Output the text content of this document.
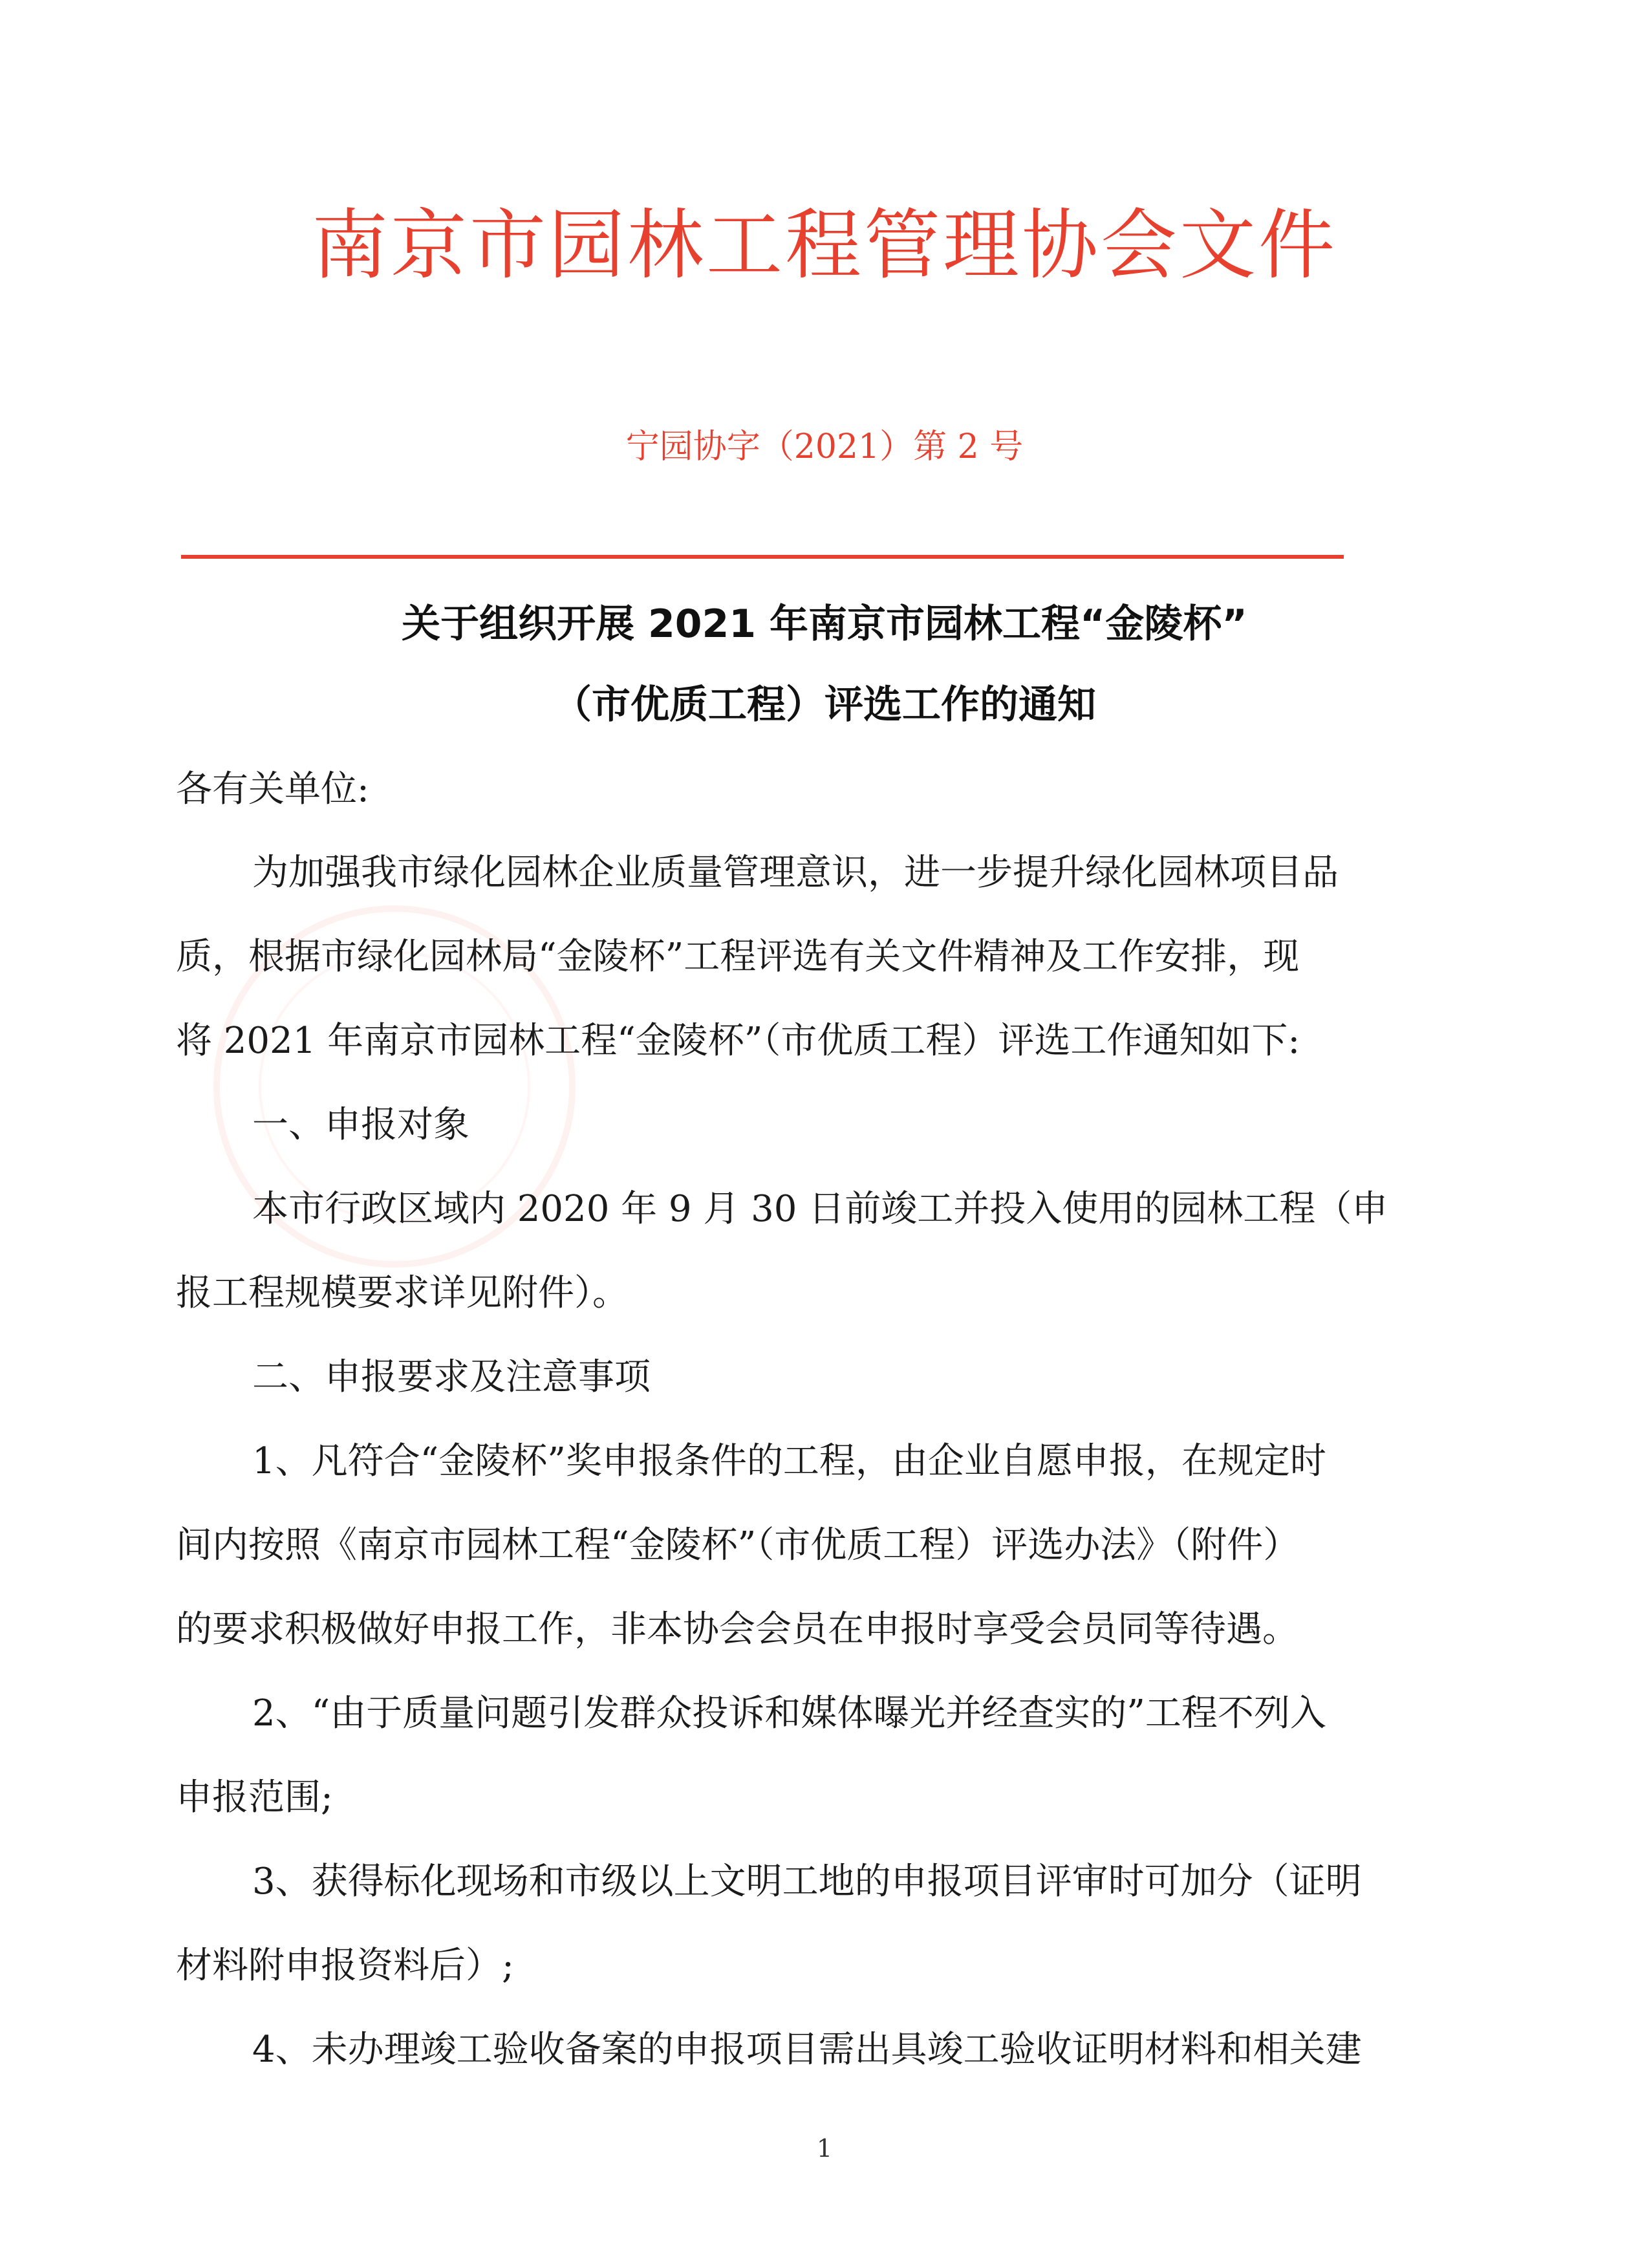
南京市园林工程管理协会文件
宁园协字（2021）第 2 号
关于组织开展 2021 年南京市园林工程“金陵杯”
（市优质工程）评选工作的通知
各有关单位:
为加强我市绿化园林企业质量管理意识，进一步提升绿化园林项目品
质，根据市绿化园林局“金陵杯”工程评选有关文件精神及工作安排，现
将 2021 年南京市园林工程“金陵杯”（市优质工程）评选工作通知如下:
一、申报对象
本市行政区域内 2020 年 9 月 30 日前竣工并投入使用的园林工程（申
报工程规模要求详见附件）。
二、申报要求及注意事项
1、凡符合“金陵杯”奖申报条件的工程，由企业自愿申报，在规定时
间内按照《南京市园林工程“金陵杯”（市优质工程）评选办法》（附件）
的要求积极做好申报工作，非本协会会员在申报时享受会员同等待遇。
2、“由于质量问题引发群众投诉和媒体曝光并经查实的”工程不列入
申报范围;
3、获得标化现场和市级以上文明工地的申报项目评审时可加分（证明
材料附申报资料后）;
4、未办理竣工验收备案的申报项目需出具竣工验收证明材料和相关建
1
